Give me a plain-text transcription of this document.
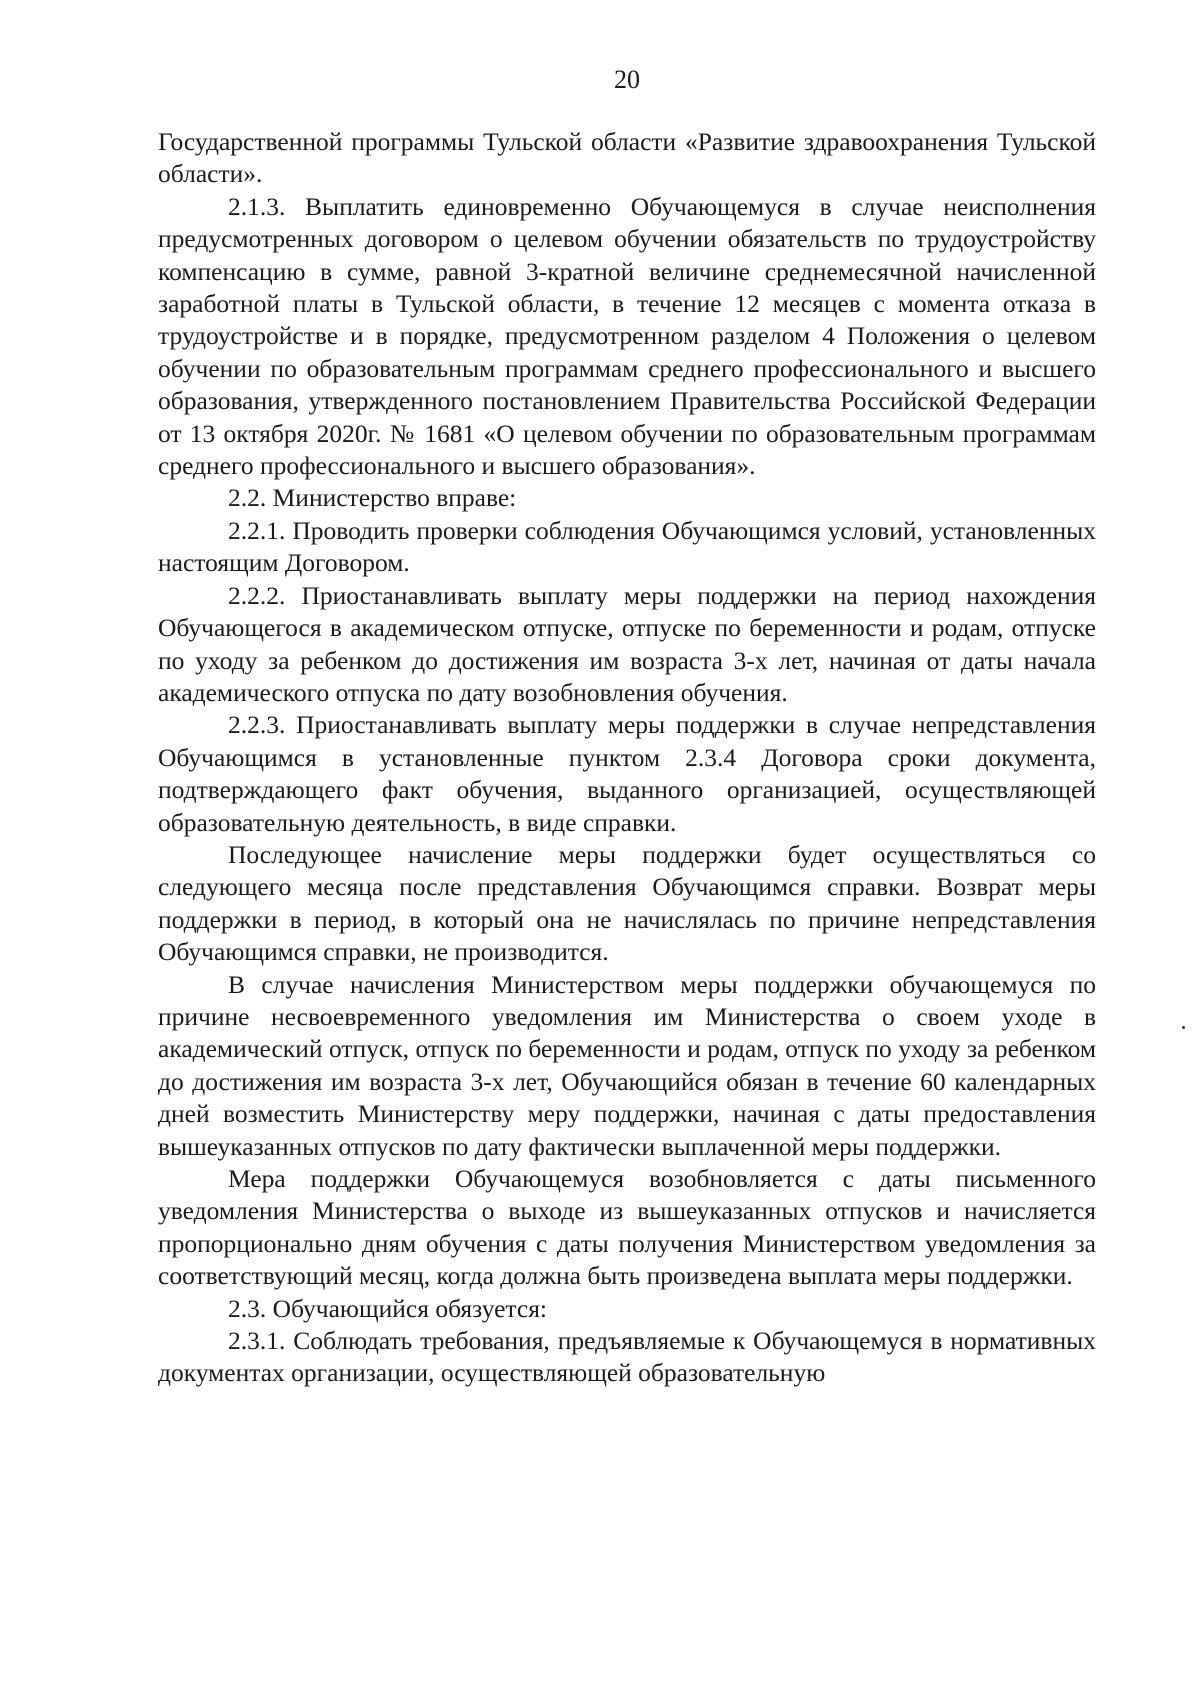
20

Государственной программы Тульской области «Развитие здравоохранения Тульской области».

2.1.3. Выплатить единовременно Обучающемуся в случае неисполнения предусмотренных договором о целевом обучении обязательств по трудоустройству компенсацию в сумме, равной 3-кратной величине среднемесячной начисленной заработной платы в Тульской области, в течение 12 месяцев с момента отказа в трудоустройстве и в порядке, предусмотренном разделом 4 Положения о целевом обучении по образовательным программам среднего профессионального и высшего образования, утвержденного постановлением Правительства Российской Федерации от 13 октября 2020г. № 1681 «О целевом обучении по образовательным программам среднего профессионального и высшего образования».

2.2. Министерство вправе:

2.2.1. Проводить проверки соблюдения Обучающимся условий, установленных настоящим Договором.

2.2.2. Приостанавливать выплату меры поддержки на период нахождения Обучающегося в академическом отпуске, отпуске по беременности и родам, отпуске по уходу за ребенком до достижения им возраста 3-х лет, начиная от даты начала академического отпуска по дату возобновления обучения.

2.2.3. Приостанавливать выплату меры поддержки в случае непредставления Обучающимся в установленные пунктом 2.3.4 Договора сроки документа, подтверждающего факт обучения, выданного организацией, осуществляющей образовательную деятельность, в виде справки.

Последующее начисление меры поддержки будет осуществляться со следующего месяца после представления Обучающимся справки. Возврат меры поддержки в период, в который она не начислялась по причине непредставления Обучающимся справки, не производится.

В случае начисления Министерством меры поддержки обучающемуся по причине несвоевременного уведомления им Министерства о своем уходе в академический отпуск, отпуск по беременности и родам, отпуск по уходу за ребенком до достижения им возраста 3-х лет, Обучающийся обязан в течение 60 календарных дней возместить Министерству меру поддержки, начиная с даты предоставления вышеуказанных отпусков по дату фактически выплаченной меры поддержки.

Мера поддержки Обучающемуся возобновляется с даты письменного уведомления Министерства о выходе из вышеуказанных отпусков и начисляется пропорционально дням обучения с даты получения Министерством уведомления за соответствующий месяц, когда должна быть произведена выплата меры поддержки.

2.3. Обучающийся обязуется:

2.3.1. Соблюдать требования, предъявляемые к Обучающемуся в нормативных документах организации, осуществляющей образовательную
